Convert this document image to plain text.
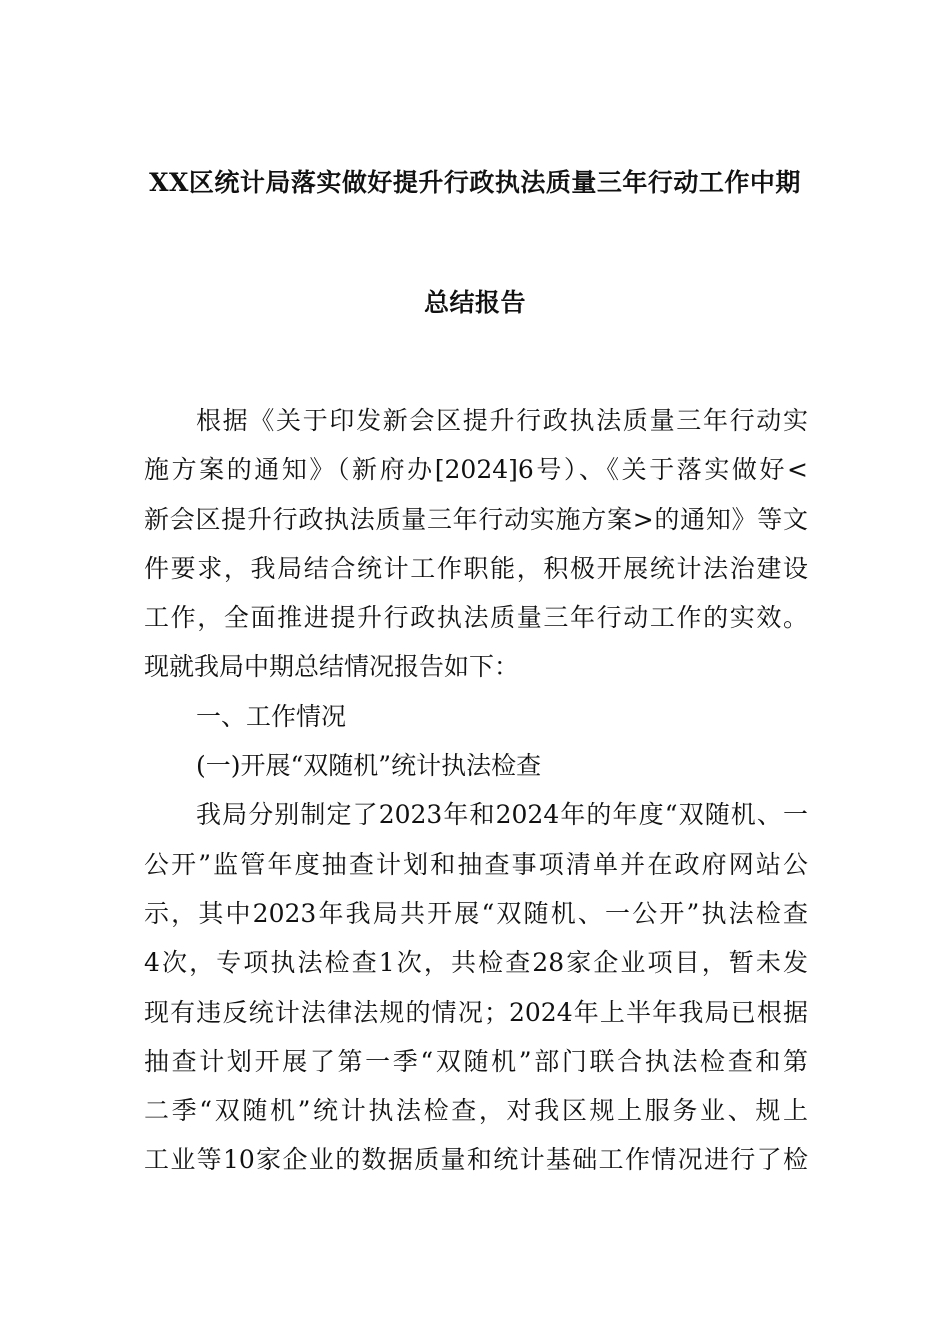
XX区统计局落实做好提升行政执法质量三年行动工作中期
总结报告
根据《关于印发新会区提升行政执法质量三年行动实
施方案的通知》（新府办[2024]6号）、《关于落实做好<
新会区提升行政执法质量三年行动实施方案>的通知》等文
件要求，我局结合统计工作职能，积极开展统计法治建设
工作，全面推进提升行政执法质量三年行动工作的实效。
现就我局中期总结情况报告如下：
一、工作情况
(一)开展“双随机”统计执法检查
我局分别制定了2023年和2024年的年度“双随机、一
公开”监管年度抽查计划和抽查事项清单并在政府网站公
示，其中2023年我局共开展“双随机、一公开”执法检查
4次，专项执法检查1次，共检查28家企业项目，暂未发
现有违反统计法律法规的情况；2024年上半年我局已根据
抽查计划开展了第一季“双随机”部门联合执法检查和第
二季“双随机”统计执法检查，对我区规上服务业、规上
工业等10家企业的数据质量和统计基础工作情况进行了检
